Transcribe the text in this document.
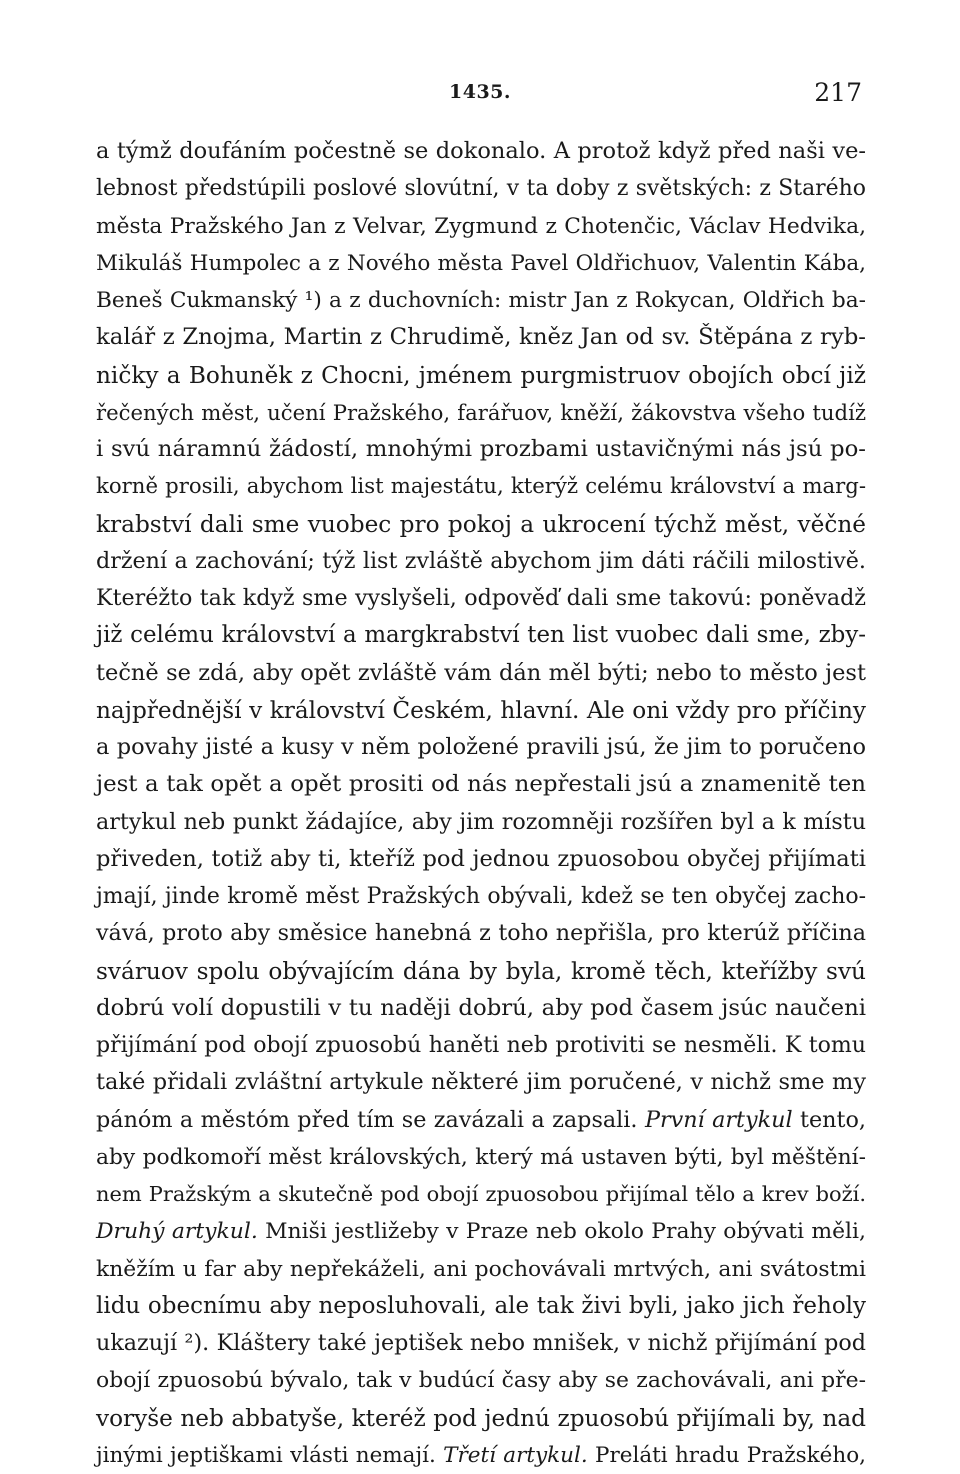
1435.	217
a týmž doufáním počestně se dokonalo. A protož když před naši ve-
lebnost předstúpili poslové slovútní, v ta doby z světských: z Starého
města Pražského Jan z Velvar, Zygmund z Chotenčic, Václav Hedvika,
Mikuláš Humpolec a z Nového města Pavel Oldřichuov, Valentin Kába,
Beneš Cukmanský ¹) a z duchovních: mistr Jan z Rokycan, Oldřich ba-
kalář z Znojma, Martin z Chrudimě, kněz Jan od sv. Štěpána z ryb-
ničky a Bohuněk z Chocni, jménem purgmistruov obojích obcí již
řečených měst, učení Pražského, farářuov, kněží, žákovstva všeho tudíž
i svú náramnú žádostí, mnohými prozbami ustavičnými nás jsú po-
korně prosili, abychom list majestátu, kterýž celému království a marg-
krabství dali sme vuobec pro pokoj a ukrocení týchž měst, věčné
držení a zachování; týž list zvláště abychom jim dáti ráčili milostivě.
Kteréžto tak když sme vyslyšeli, odpověď dali sme takovú: poněvadž
již celému království a margkrabství ten list vuobec dali sme, zby-
tečně se zdá, aby opět zvláště vám dán měl býti; nebo to město jest
najpřednější v království Českém, hlavní. Ale oni vždy pro příčiny
a povahy jisté a kusy v něm položené pravili jsú, že jim to poručeno
jest a tak opět a opět prositi od nás nepřestali jsú a znamenitě ten
artykul neb punkt žádajíce, aby jim rozomněji rozšířen byl a k místu
přiveden, totiž aby ti, kteříž pod jednou zpuosobou obyčej přijímati
jmají, jinde kromě měst Pražských obývali, kdež se ten obyčej zacho-
vává, proto aby směsice hanebná z toho nepřišla, pro kterúž příčina
sváruov spolu obývajícím dána by byla, kromě těch, kteřížby svú
dobrú volí dopustili v tu naději dobrú, aby pod časem jsúc naučeni
přijímání pod obojí zpuosobú haněti neb protiviti se nesměli. K tomu
také přidali zvláštní artykule některé jim poručené, v nichž sme my
pánóm a městóm před tím se zavázali a zapsali. První artykul tento,
aby podkomoří měst královských, který má ustaven býti, byl měštění-
nem Pražským a skutečně pod obojí zpuosobou přijímal tělo a krev boží.
Druhý artykul. Mniši jestližeby v Praze neb okolo Prahy obývati měli,
kněžím u far aby nepřekáželi, ani pochovávali mrtvých, ani svátostmi
lidu obecnímu aby neposluhovali, ale tak živi byli, jako jich řeholy
ukazují ²). Kláštery také jeptišek nebo mnišek, v nichž přijímání pod
obojí zpuosobú bývalo, tak v budúcí časy aby se zachovávali, ani pře-
voryše neb abbatyše, kteréž pod jednú zpuosobú přijímali by, nad
jinými jeptiškami vlásti nemají. Třetí artykul. Preláti hradu Pražského,
